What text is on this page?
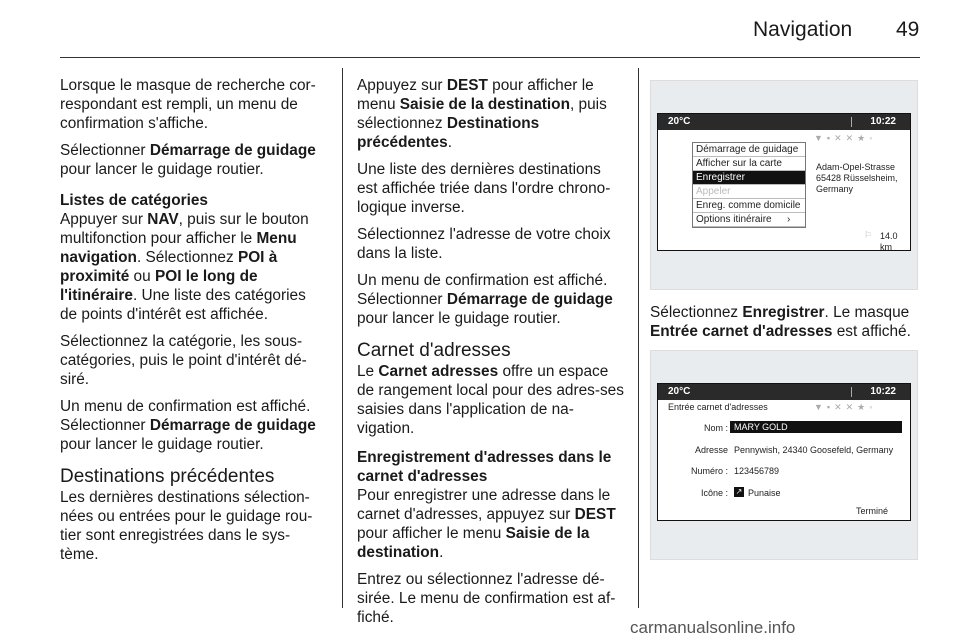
Navigation 49

Lorsque le masque de recherche cor-respondant est rempli, un menu de confirmation s'affiche.

Sélectionner Démarrage de guidage pour lancer le guidage routier.

Listes de catégories

Appuyer sur NAV, puis sur le bouton multifonction pour afficher le Menu navigation. Sélectionnez POI à proximité ou POI le long de l'itinéraire. Une liste des catégories de points d'intérêt est affichée.

Sélectionnez la catégorie, les sous-catégories, puis le point d'intérêt dé-siré.

Un menu de confirmation est affiché. Sélectionner Démarrage de guidage pour lancer le guidage routier.

Destinations précédentes

Les dernières destinations sélection-nées ou entrées pour le guidage rou-tier sont enregistrées dans le sys-tème.

Appuyez sur DEST pour afficher le menu Saisie de la destination, puis sélectionnez Destinations précédentes.

Une liste des dernières destinations est affichée triée dans l'ordre chrono-logique inverse.

Sélectionnez l'adresse de votre choix dans la liste.

Un menu de confirmation est affiché. Sélectionner Démarrage de guidage pour lancer le guidage routier.

Carnet d'adresses

Le Carnet adresses offre un espace de rangement local pour des adres-ses saisies dans l'application de na-vigation.

Enregistrement d'adresses dans le carnet d'adresses

Pour enregistrer une adresse dans le carnet d'adresses, appuyez sur DEST pour afficher le menu Saisie de la destination.

Entrez ou sélectionnez l'adresse dé-sirée. Le menu de confirmation est af-fiché.

20°C	10:22
▼▪✕✕★◦
Démarrage de guidage
Afficher sur la carte
Enregistrer
Appeler
Enreg. comme domicile
Options itinéraire ›
Adam-Opel-Strasse
65428 Rüsselsheim, Germany
14.0 km
⚐

Sélectionnez Enregistrer. Le masque Entrée carnet d'adresses est affiché.

20°C	10:22
Entrée carnet d'adresses	▼▪✕✕★◦
Nom : MARY GOLD
Adresse Pennywish, 24340 Goosefeld, Germany
Numéro : 123456789
Icône : ↗ Punaise
Terminé
carmanualsonline.info
